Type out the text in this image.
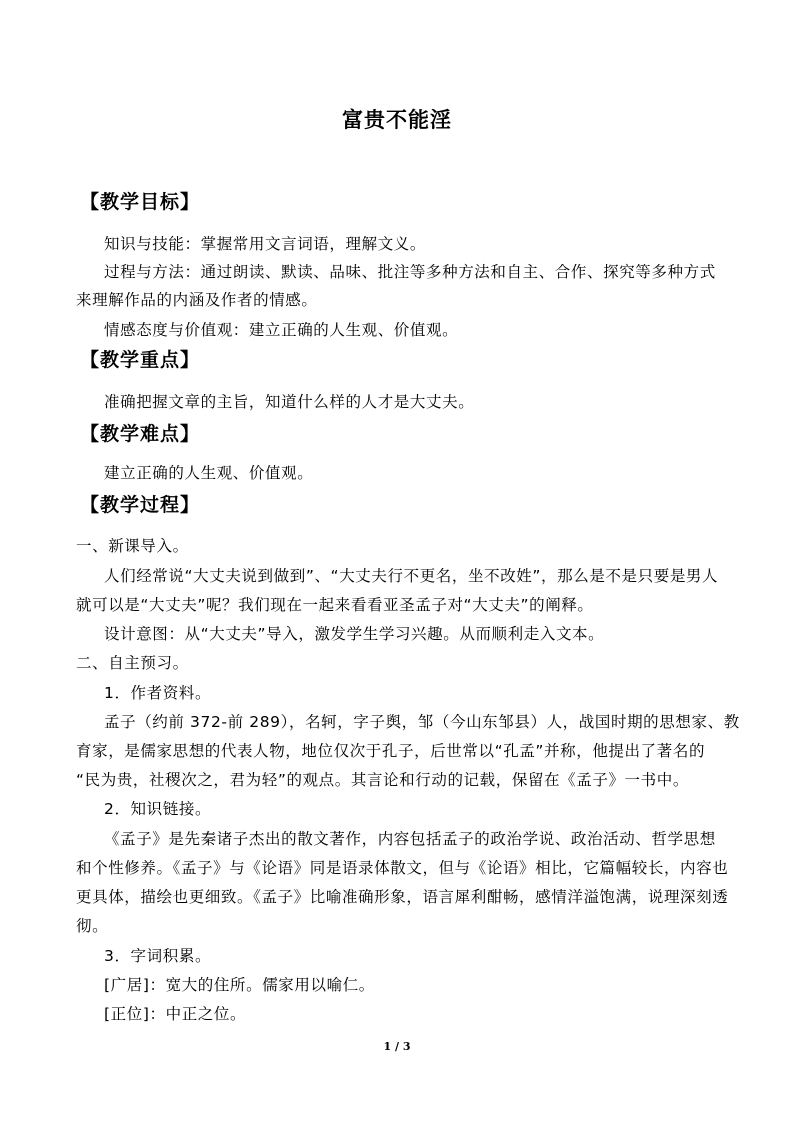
富贵不能淫
【教学目标】
知识与技能：掌握常用文言词语，理解文义。
过程与方法：通过朗读、默读、品味、批注等多种方法和自主、合作、探究等多种方式
来理解作品的内涵及作者的情感。
情感态度与价值观：建立正确的人生观、价值观。
【教学重点】
准确把握文章的主旨，知道什么样的人才是大丈夫。
【教学难点】
建立正确的人生观、价值观。
【教学过程】
一、新课导入。
人们经常说“大丈夫说到做到”、“大丈夫行不更名，坐不改姓”，那么是不是只要是男人
就可以是“大丈夫”呢？我们现在一起来看看亚圣孟子对“大丈夫”的阐释。
设计意图：从“大丈夫”导入，激发学生学习兴趣。从而顺利走入文本。
二、自主预习。
1．作者资料。
孟子（约前 372-前 289），名轲，字子舆，邹（今山东邹县）人，战国时期的思想家、教
育家，是儒家思想的代表人物，地位仅次于孔子，后世常以“孔孟”并称，他提出了著名的
“民为贵，社稷次之，君为轻”的观点。其言论和行动的记载，保留在《孟子》一书中。
2．知识链接。
《孟子》是先秦诸子杰出的散文著作，内容包括孟子的政治学说、政治活动、哲学思想
和个性修养。《孟子》与《论语》同是语录体散文，但与《论语》相比，它篇幅较长，内容也
更具体，描绘也更细致。《孟子》比喻准确形象，语言犀利酣畅，感情洋溢饱满，说理深刻透
彻。
3．字词积累。
[广居]：宽大的住所。儒家用以喻仁。
[正位]：中正之位。
1 / 3
